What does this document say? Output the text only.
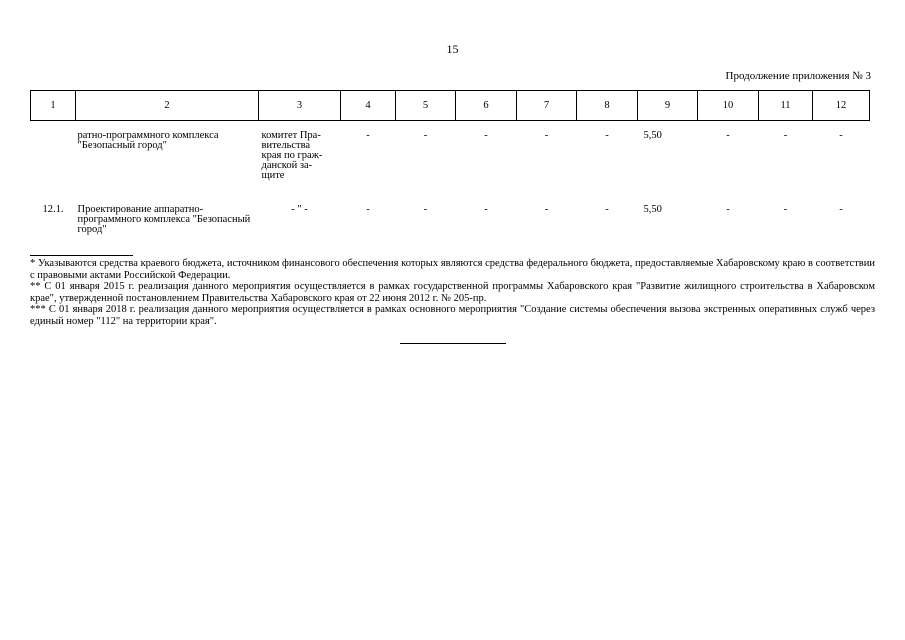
15
Продолжение приложения № 3
1	2	3	4	5	6	7	8	9	10	11	12
	ратно-программного комплекса "Безопасный город"	комитет Пра-
вительства
края по граж-
данской за-
щите	-	-	-	-	-	5,50	-	-	-
12.1.	Проектирование аппаратно-программного комплекса "Безопасный город"	- " -	-	-	-	-	-	5,50	-	-	-

* Указываются средства краевого бюджета, источником финансового обеспечения которых являются средства федерального бюджета, предоставляемые Хабаровскому краю в соответствии с правовыми актами Российской Федерации.

** С 01 января 2015 г. реализация данного мероприятия осуществляется в рамках государственной программы Хабаровского края "Развитие жилищного строительства в Хабаровском крае", утвержденной постановлением Правительства Хабаровского края от 22 июня 2012 г. № 205-пр.

*** С 01 января 2018 г. реализация данного мероприятия осуществляется в рамках основного мероприятия "Создание системы обеспечения вызова экстренных оперативных служб через единый номер "112" на территории края".
